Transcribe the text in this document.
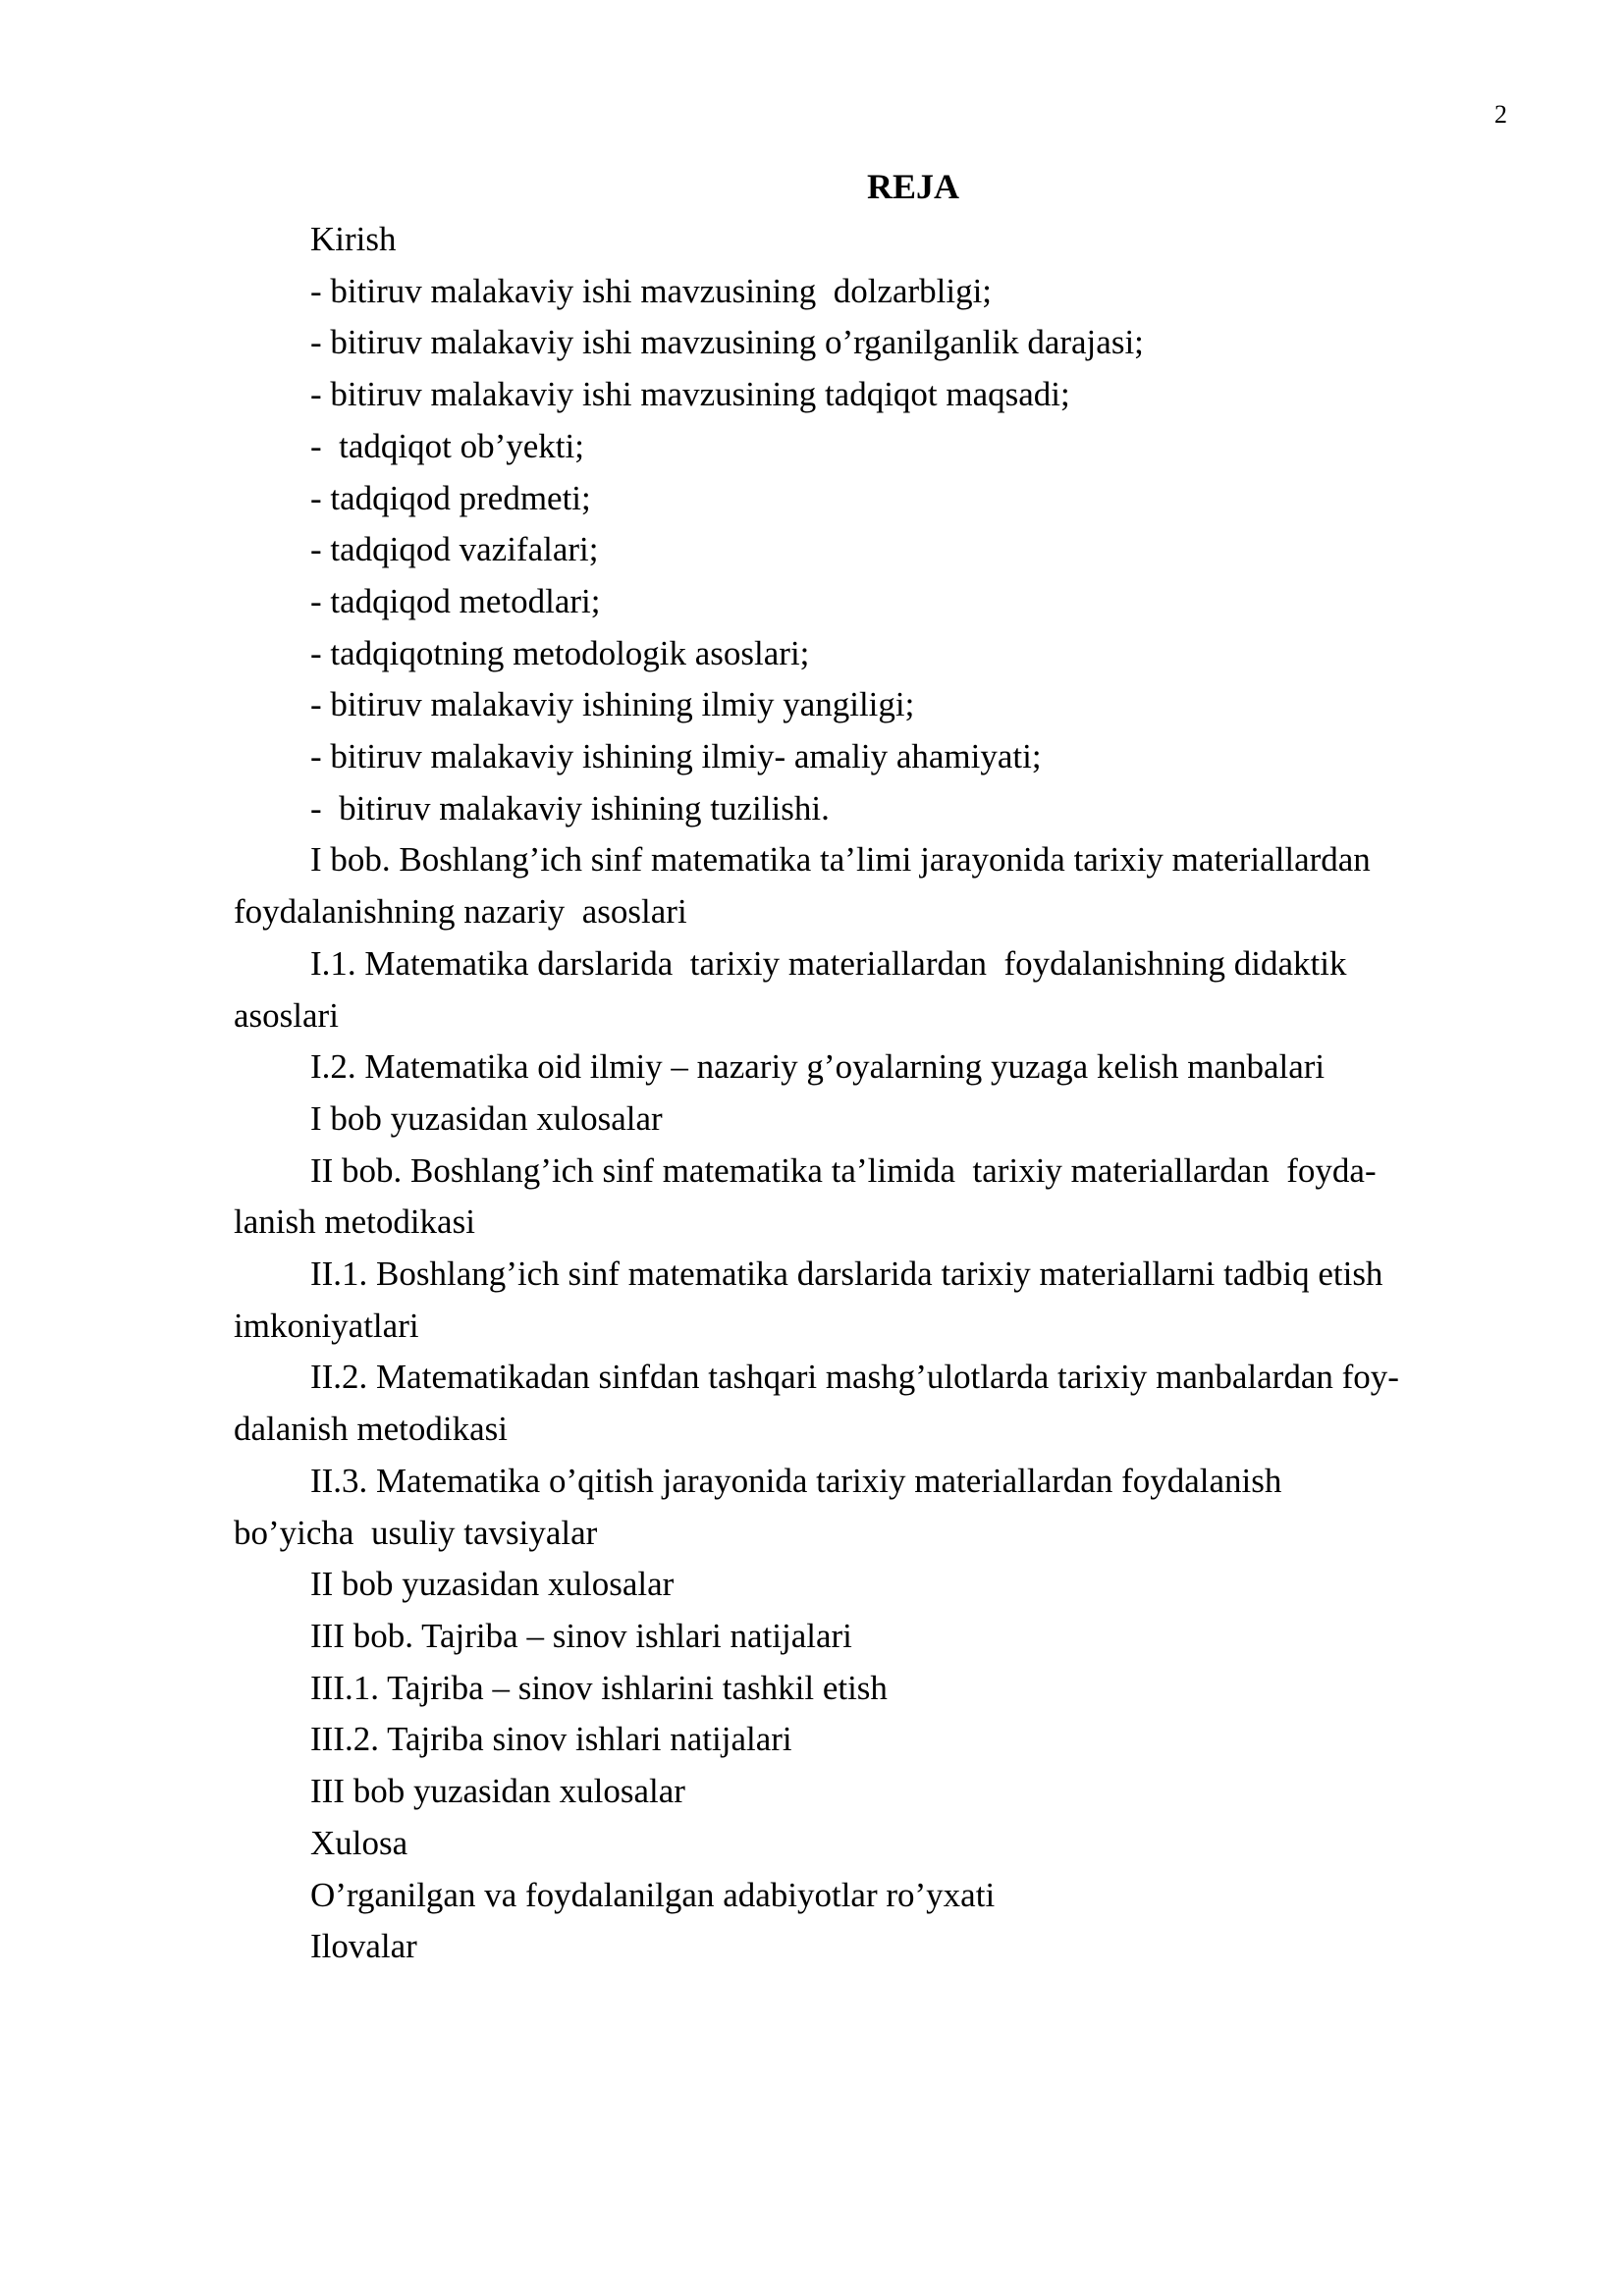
2
REJA

Kirish

- bitiruv malakaviy ishi mavzusining  dolzarbligi;

- bitiruv malakaviy ishi mavzusining o’rganilganlik darajasi;

- bitiruv malakaviy ishi mavzusining tadqiqot maqsadi;

-  tadqiqot ob’yekti;

- tadqiqod predmeti;

- tadqiqod vazifalari;

- tadqiqod metodlari;

- tadqiqotning metodologik asoslari;

- bitiruv malakaviy ishining ilmiy yangiligi;

- bitiruv malakaviy ishining ilmiy- amaliy ahamiyati;

-  bitiruv malakaviy ishining tuzilishi.

I bob. Boshlang’ich sinf matematika ta’limi jarayonida tarixiy materiallardan

foydalanishning nazariy  asoslari

I.1. Matematika darslarida  tarixiy materiallardan  foydalanishning didaktik

asoslari

I.2. Matematika oid ilmiy – nazariy g’oyalarning yuzaga kelish manbalari

I bob yuzasidan xulosalar

II bob. Boshlang’ich sinf matematika ta’limida  tarixiy materiallardan  foyda-

lanish metodikasi

II.1. Boshlang’ich sinf matematika darslarida tarixiy materiallarni tadbiq etish

imkoniyatlari

II.2. Matematikadan sinfdan tashqari mashg’ulotlarda tarixiy manbalardan foy-

dalanish metodikasi

II.3. Matematika o’qitish jarayonida tarixiy materiallardan foydalanish

bo’yicha  usuliy tavsiyalar

II bob yuzasidan xulosalar

III bob. Tajriba – sinov ishlari natijalari

III.1. Tajriba – sinov ishlarini tashkil etish

III.2. Tajriba sinov ishlari natijalari

III bob yuzasidan xulosalar

Xulosa

O’rganilgan va foydalanilgan adabiyotlar ro’yxati

Ilovalar
